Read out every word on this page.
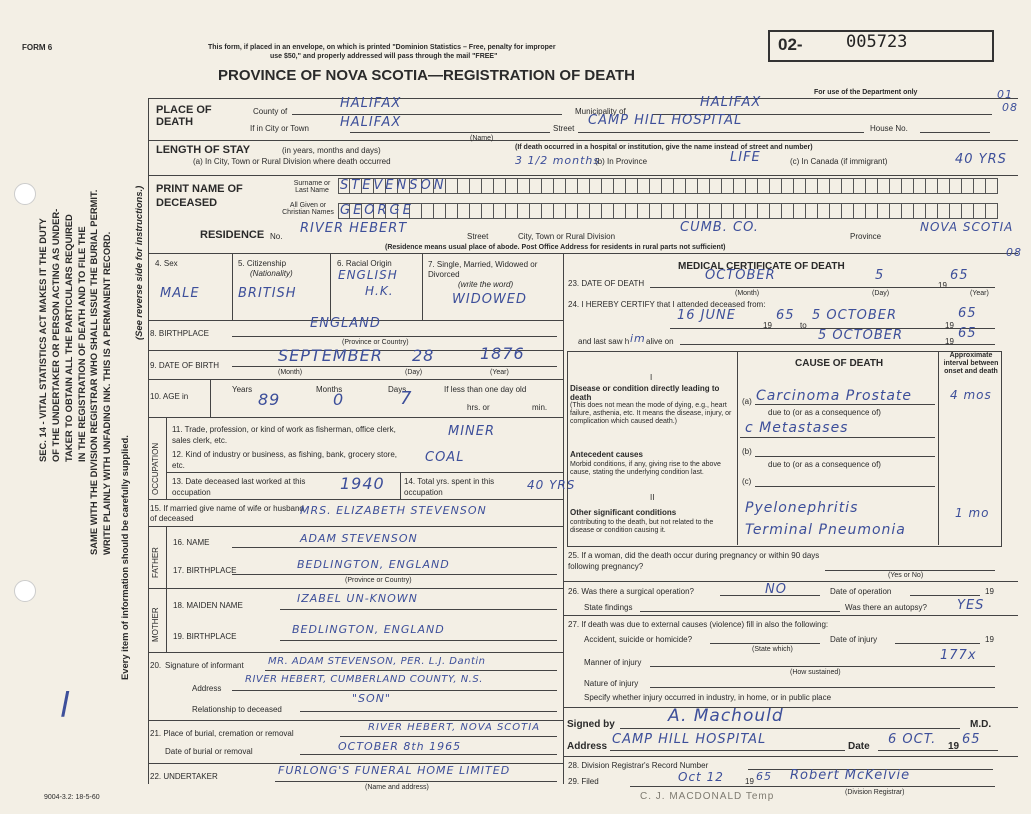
FORM 6	This form, if placed in an envelope, on which is printed "Dominion Statistics – Free, penalty for improper
use $50," and properly addressed will pass through the mail "FREE"
PROVINCE OF NOVA SCOTIA—REGISTRATION OF DEATH
02-	005723
For use of the Department only	01
08
SEC. 14 - VITAL STATISTICS ACT MAKES IT THE DUTY OF THE UNDERTAKER OR PERSON ACTING AS UNDER- TAKER TO OBTAIN ALL THE PARTICULARS REQUIRED IN THE REGISTRATION OF DEATH AND TO FILE THE SAME WITH THE DIVISION REGISTRAR WHO SHALL ISSUE THE BURIAL PERMIT. WRITE PLAINLY WITH UNFADING INK. THIS IS A PERMANENT RECORD.
Every item of information should be carefully supplied.
(See reverse side for instructions.)
l
PLACE OF DEATH
County of
HALIFAX
Municipality of
HALIFAX
If in City or Town HALIFAX	Street
CAMP HILL HOSPITAL
(Name)
House No.
LENGTH OF STAY	(in years, months and days)	(If death occurred in a hospital or institution, give the name instead of street and number)
(a) In City, Town or Rural Division where death occurred	3 1/2 months
(b) In Province	LIFE	(c) In Canada (if immigrant)	40 YRS
PRINT NAME OF DECEASED
Surname or Last Name
All Given or Christian Names
STEVENSON
GEORGE
RESIDENCE No.
RIVER HEBERT
Street	City, Town or Rural Division
CUMB. CO.
Province
NOVA SCOTIA
(Residence means usual place of abode. Post Office Address for residents in rural parts not sufficient)	08
4. Sex
MALE
5. Citizenship
(Nationality)
BRITISH
6. Racial Origin
ENGLISH
H.K.
7. Single, Married, Widowed or Divorced
(write the word)
WIDOWED
8. BIRTHPLACE
ENGLAND
(Province or Country)
9. DATE OF BIRTH
SEPTEMBER 28	1876
(Month)	(Day)	(Year)
10. AGE in
Years
89
Months
0
Days
7	If less than one day old
hrs. or	min.
OCCUPATION
11. Trade, profession, or kind of work as fisherman, office clerk, sales clerk, etc.
MINER
12. Kind of industry or business, as fishing, bank, grocery store, etc.
COAL
13. Date deceased last worked at this occupation	1940 14. Total yrs. spent in this occupation
40 YRS
15. If married give name of wife or husband of deceased
MRS. ELIZABETH STEVENSON
FATHER
16. NAME	ADAM STEVENSON
17. BIRTHPLACE	BEDLINGTON, ENGLAND
(Province or Country)
MOTHER
18. MAIDEN NAME
IZABEL UN-KNOWN
19. BIRTHPLACE
BEDLINGTON, ENGLAND
20. Signature of informant MR. ADAM STEVENSON, PER. L.J. Dantin
Address
RIVER HEBERT, CUMBERLAND COUNTY, N.S.
Relationship to deceased
"SON"
21. Place of burial, cremation or removal
RIVER HEBERT, NOVA SCOTIA
Date of burial or removal	OCTOBER 8th 1965
22. UNDERTAKER	FURLONG'S FUNERAL HOME LIMITED
(Name and address)
MEDICAL CERTIFICATE OF DEATH
23. DATE OF DEATH
OCTOBER	5
19
65
(Month)	(Day)	(Year)
24. I HEREBY CERTIFY that I attended deceased from:
16 JUNE
19
65
to
5 OCTOBER
19
65
and last saw h im alive on	5 OCTOBER	19
65
CAUSE OF DEATH
Approximate interval between onset and death
I
Disease or condition directly leading to death
(This does not mean the mode of dying, e.g., heart failure, asthenia, etc. It means the disease, injury, or complication which caused death.)
(a) Carcinoma Prostate	4 mos
due to (or as a consequence of)
c Metastases
Antecedent causes
Morbid conditions, if any, giving rise to the above cause, stating the underlying condition last.
(b)
due to (or as a consequence of)
(c)
II
Other significant conditions
contributing to the death, but not related to the disease or condition causing it.
Pyelonephritis
Terminal Pneumonia
1 mo
25. If a woman, did the death occur during pregnancy or within 90 days following pregnancy?
(Yes or No)
26. Was there a surgical operation?	NO	Date of operation	19
State findings	Was there an autopsy? YES
27. If death was due to external causes (violence) fill in also the following:
Accident, suicide or homicide?
(State which)
Date of injury	19
Manner of injury	177x
(How sustained)
Nature of injury
Specify whether injury occurred in industry, in home, or in public place
Signed by	A. Machould	M.D.
Address CAMP HILL HOSPITAL	Date 6 OCT. 19 65
28. Division Registrar's Record Number
29. Filed	Oct 12	19 65 Robert McKelvie
(Division Registrar)
C. J. MACDONALD Temp
9004-3.2: 18-5-60
